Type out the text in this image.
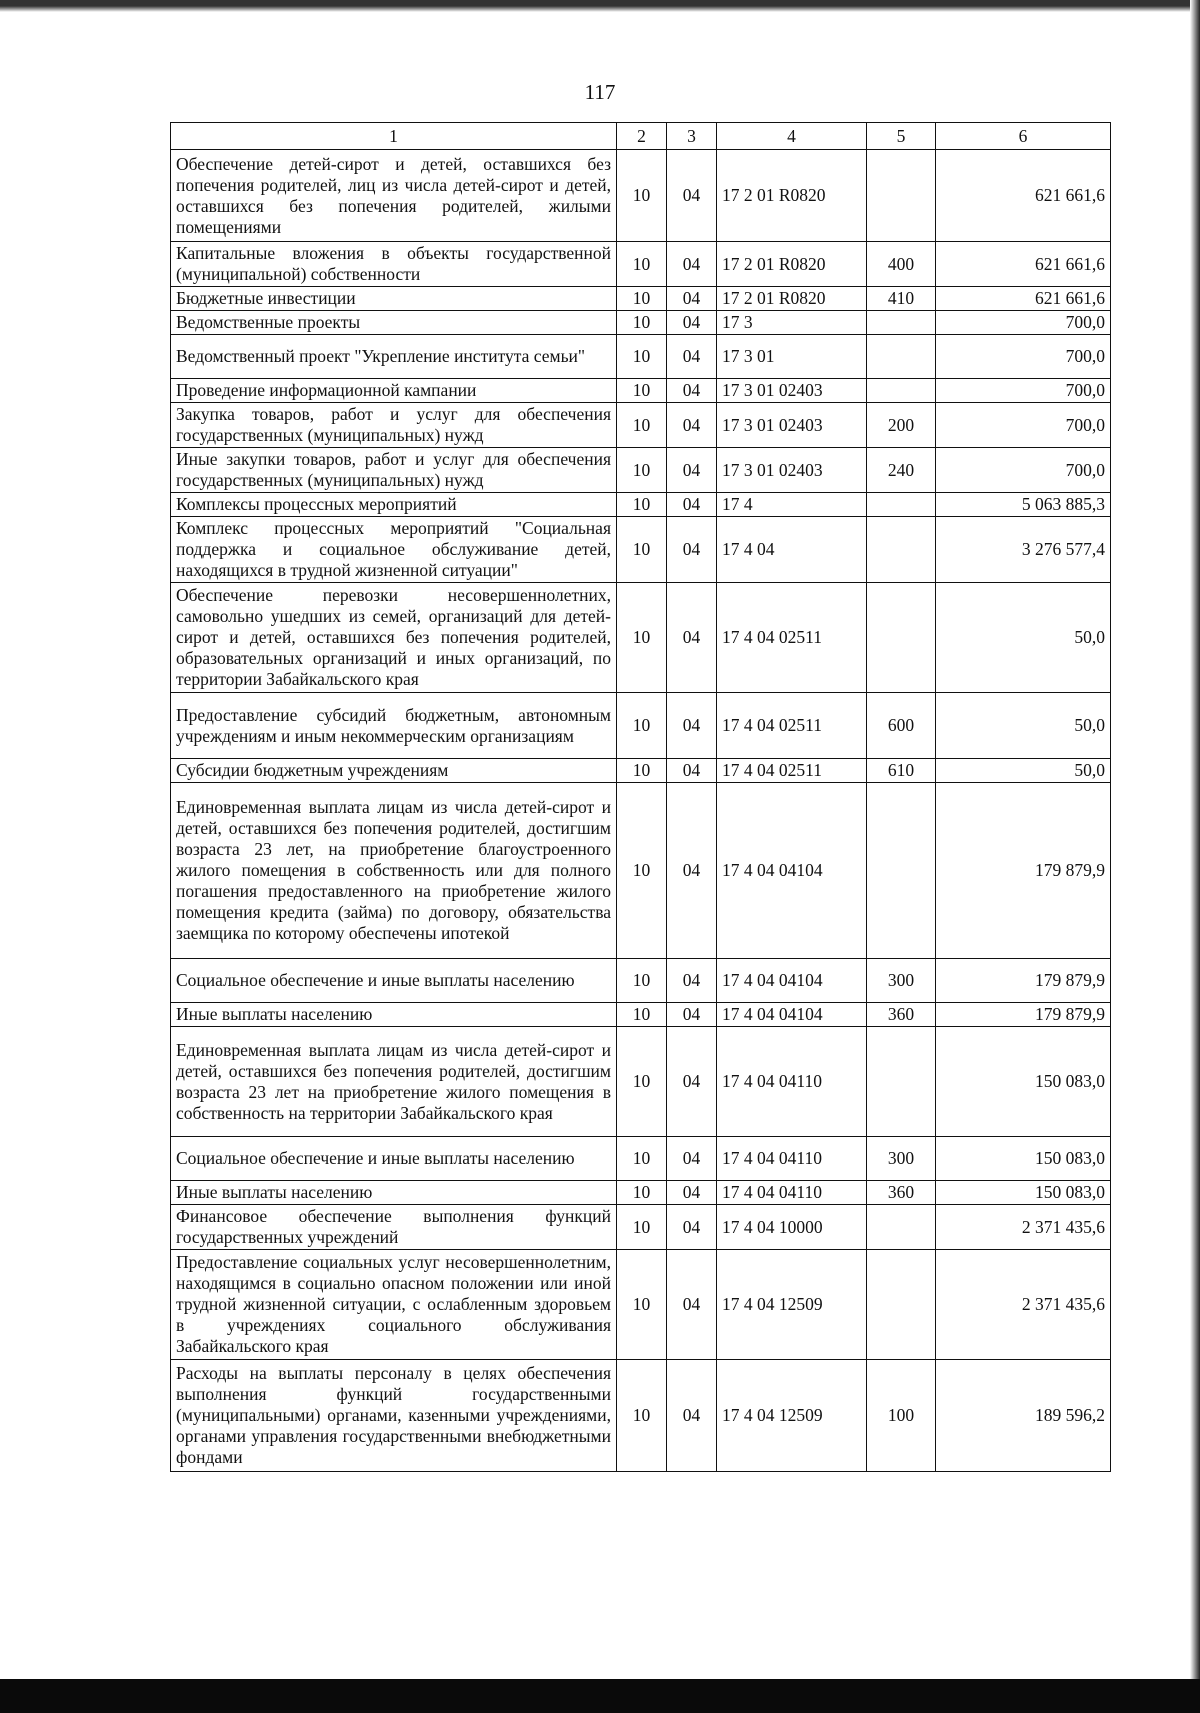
117
1	2	3	4	5	6
Обеспечение детей-сирот и детей, оставшихся без попечения родителей, лиц из числа детей-сирот и детей, оставшихся без попечения родителей, жилыми помещениями	10	04	17 2 01 R0820		621 661,6
Капитальные вложения в объекты государственной (муниципальной) собственности	10	04	17 2 01 R0820	400	621 661,6
Бюджетные инвестиции	10	04	17 2 01 R0820	410	621 661,6
Ведомственные проекты	10	04	17 3		700,0
Ведомственный проект "Укрепление института семьи"	10	04	17 3 01		700,0
Проведение информационной кампании	10	04	17 3 01 02403		700,0
Закупка товаров, работ и услуг для обеспечения государственных (муниципальных) нужд	10	04	17 3 01 02403	200	700,0
Иные закупки товаров, работ и услуг для обеспечения государственных (муниципальных) нужд	10	04	17 3 01 02403	240	700,0
Комплексы процессных мероприятий	10	04	17 4		5 063 885,3
Комплекс процессных мероприятий "Социальная поддержка и социальное обслуживание детей, находящихся в трудной жизненной ситуации"	10	04	17 4 04		3 276 577,4
Обеспечение перевозки несовершеннолетних, самовольно ушедших из семей, организаций для детей-сирот и детей, оставшихся без попечения родителей, образовательных организаций и иных организаций, по территории Забайкальского края	10	04	17 4 04 02511		50,0
Предоставление субсидий бюджетным, автономным учреждениям и иным некоммерческим организациям	10	04	17 4 04 02511	600	50,0
Субсидии бюджетным учреждениям	10	04	17 4 04 02511	610	50,0
Единовременная выплата лицам из числа детей-сирот и детей, оставшихся без попечения родителей, достигшим возраста 23 лет, на приобретение благоустроенного жилого помещения в собственность или для полного погашения предоставленного на приобретение жилого помещения кредита (займа) по договору, обязательства заемщика по которому обеспечены ипотекой	10	04	17 4 04 04104		179 879,9
Социальное обеспечение и иные выплаты населению	10	04	17 4 04 04104	300	179 879,9
Иные выплаты населению	10	04	17 4 04 04104	360	179 879,9
Единовременная выплата лицам из числа детей-сирот и детей, оставшихся без попечения родителей, достигшим возраста 23 лет на приобретение жилого помещения в собственность на территории Забайкальского края	10	04	17 4 04 04110		150 083,0
Социальное обеспечение и иные выплаты населению	10	04	17 4 04 04110	300	150 083,0
Иные выплаты населению	10	04	17 4 04 04110	360	150 083,0
Финансовое обеспечение выполнения функций государственных учреждений	10	04	17 4 04 10000		2 371 435,6
Предоставление социальных услуг несовершеннолетним, находящимся в социально опасном положении или иной трудной жизненной ситуации, с ослабленным здоровьем в учреждениях социального обслуживания Забайкальского края	10	04	17 4 04 12509		2 371 435,6
Расходы на выплаты персоналу в целях обеспечения выполнения функций государственными (муниципальными) органами, казенными учреждениями, органами управления государственными внебюджетными фондами	10	04	17 4 04 12509	100	189 596,2
